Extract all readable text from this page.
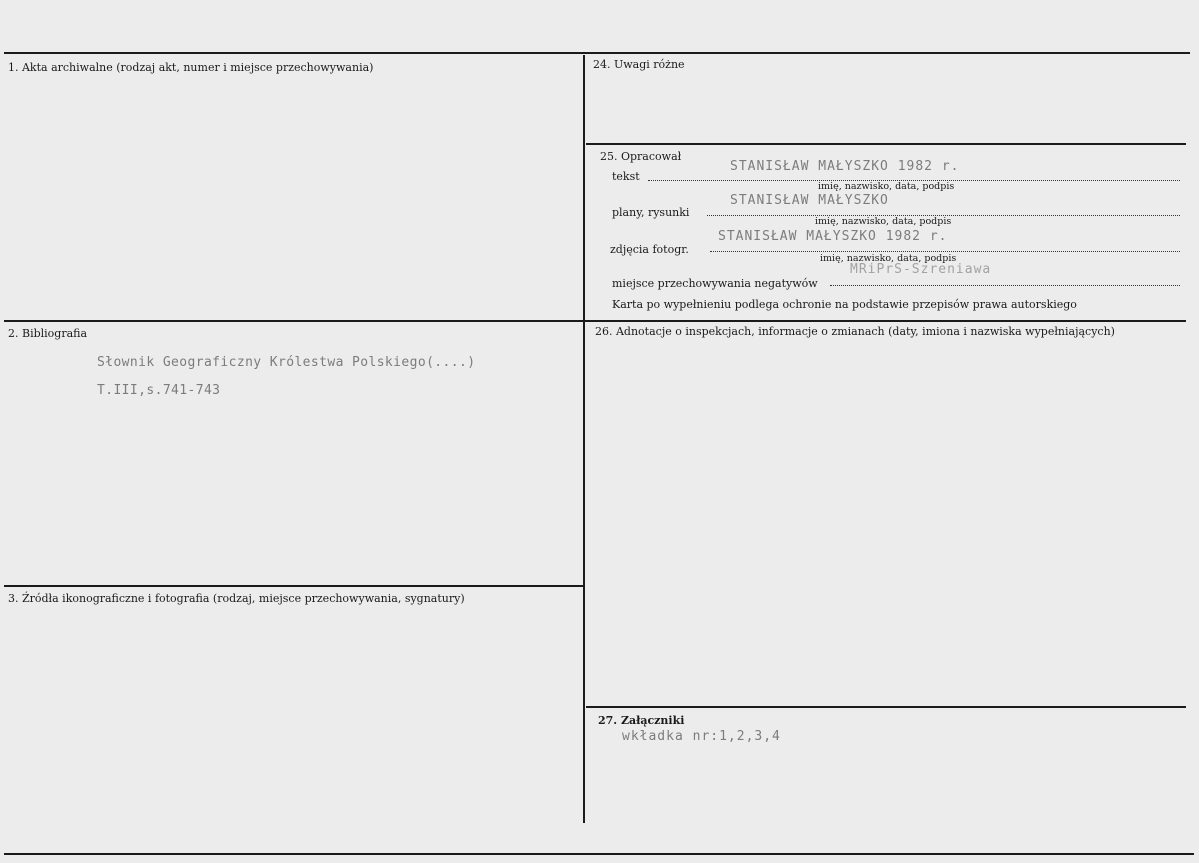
1. Akta archiwalne (rodzaj akt, numer i miejsce przechowywania)	24. Uwagi różne
25. Opracował
tekst
STANISŁAW MAŁYSZKO 1982 r.
imię, nazwisko, data, podpis
plany, rysunki
STANISŁAW MAŁYSZKO
imię, nazwisko, data, podpis
zdjęcia fotogr.
STANISŁAW MAŁYSZKO 1982 r.
imię, nazwisko, data, podpis
miejsce przechowywania negatywów
MRiPrS-Szreniawa
Karta po wypełnieniu podlega ochronie na podstawie przepisów prawa autorskiego
2. Bibliografia
Słownik Geograficzny Królestwa Polskiego(....)
T.III,s.741-743
26. Adnotacje o inspekcjach, informacje o zmianach (daty, imiona i nazwiska wypełniających)
3. Źródła ikonograficzne i fotografia (rodzaj, miejsce przechowywania, sygnatury)
27. Załączniki
wkładka nr:1,2,3,4
